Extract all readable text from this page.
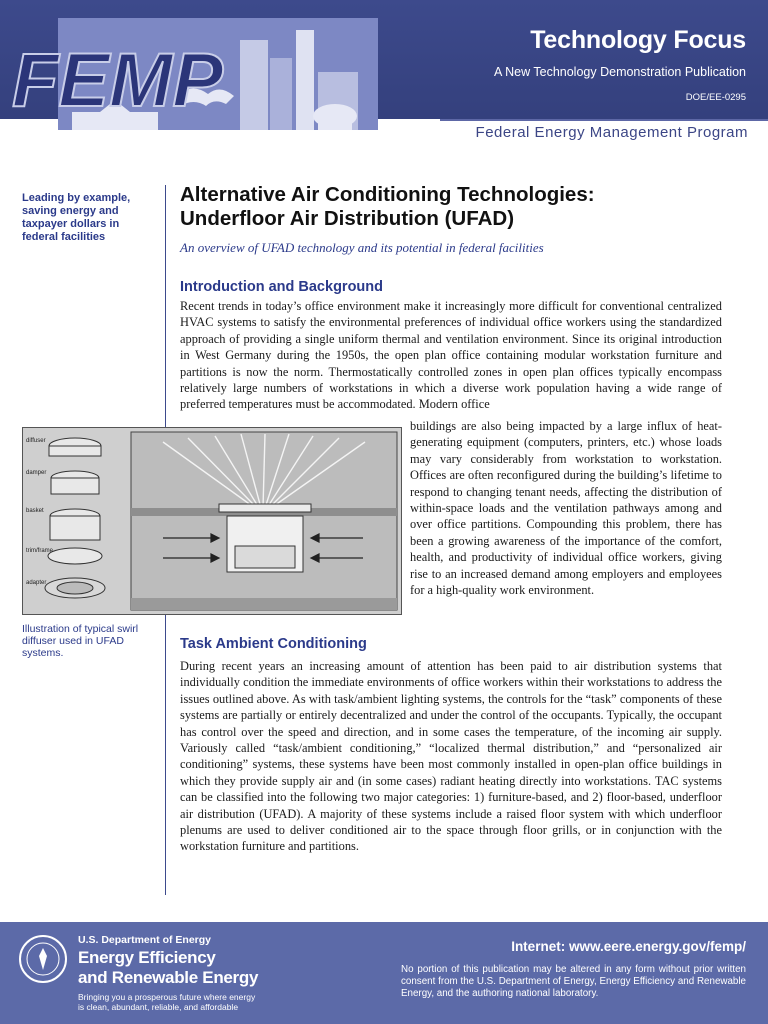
FEMP	Technology Focus
A New Technology Demonstration Publication
DOE/EE-0295
Federal Energy Management Program
Leading by example, saving energy and taxpayer dollars in federal facilities
Alternative Air Conditioning Technologies:
Underfloor Air Distribution (UFAD)
An overview of UFAD technology and its potential in federal facilities
Introduction and Background

Recent trends in today’s office environment make it increasingly more difficult for conventional centralized HVAC systems to satisfy the environmental preferences of individual office workers using the standardized approach of providing a single uniform thermal and ventilation environment. Since its original introduction in West Germany during the 1950s, the open plan office containing modular workstation furniture and partitions is now the norm. Thermostatically controlled zones in open plan offices typically encompass relatively large numbers of workstations in which a diverse work population having a wide range of preferred temperatures must be accommodated. Modern office

buildings are also being impacted by a large influx of heat-generating equipment (computers, printers, etc.) whose loads may vary considerably from workstation to workstation. Offices are often reconfigured during the building’s lifetime to respond to changing tenant needs, affecting the distribution of within-space loads and the ventilation pathways among and over office partitions. Compounding this problem, there has been a growing awareness of the importance of the comfort, health, and productivity of individual office workers, giving rise to an increased demand among employers and employees for a high-quality work environment.

diffuser
damper
basket
trim/frame
adapter
Illustration of typical swirl diffuser used in UFAD systems.
Task Ambient Conditioning

During recent years an increasing amount of attention has been paid to air distribution systems that individually condition the immediate environments of office workers within their workstations to address the issues outlined above. As with task/ambient lighting systems, the controls for the “task” components of these systems are partially or entirely decentralized and under the control of the occupants. Typically, the occupant has control over the speed and direction, and in some cases the temperature, of the incoming air supply. Variously called “task/ambient conditioning,” “localized thermal distribution,” and “personalized air conditioning” systems, these systems have been most commonly installed in open-plan office buildings in which they provide supply air and (in some cases) radiant heating directly into workstations. TAC systems can be classified into the following two major categories: 1) furniture-based, and 2) floor-based, underfloor air distribution (UFAD). A majority of these systems include a raised floor system with which underfloor plenums are used to deliver conditioned air to the space through floor grills, or in conjunction with the workstation furniture and partitions.

U.S. Department of Energy
Energy Efficiency
and Renewable Energy
Bringing you a prosperous future where energy is clean, abundant, reliable, and affordable
Internet: www.eere.energy.gov/femp/
No portion of this publication may be altered in any form without prior written consent from the U.S. Department of Energy, Energy Efficiency and Renewable Energy, and the authoring national laboratory.
